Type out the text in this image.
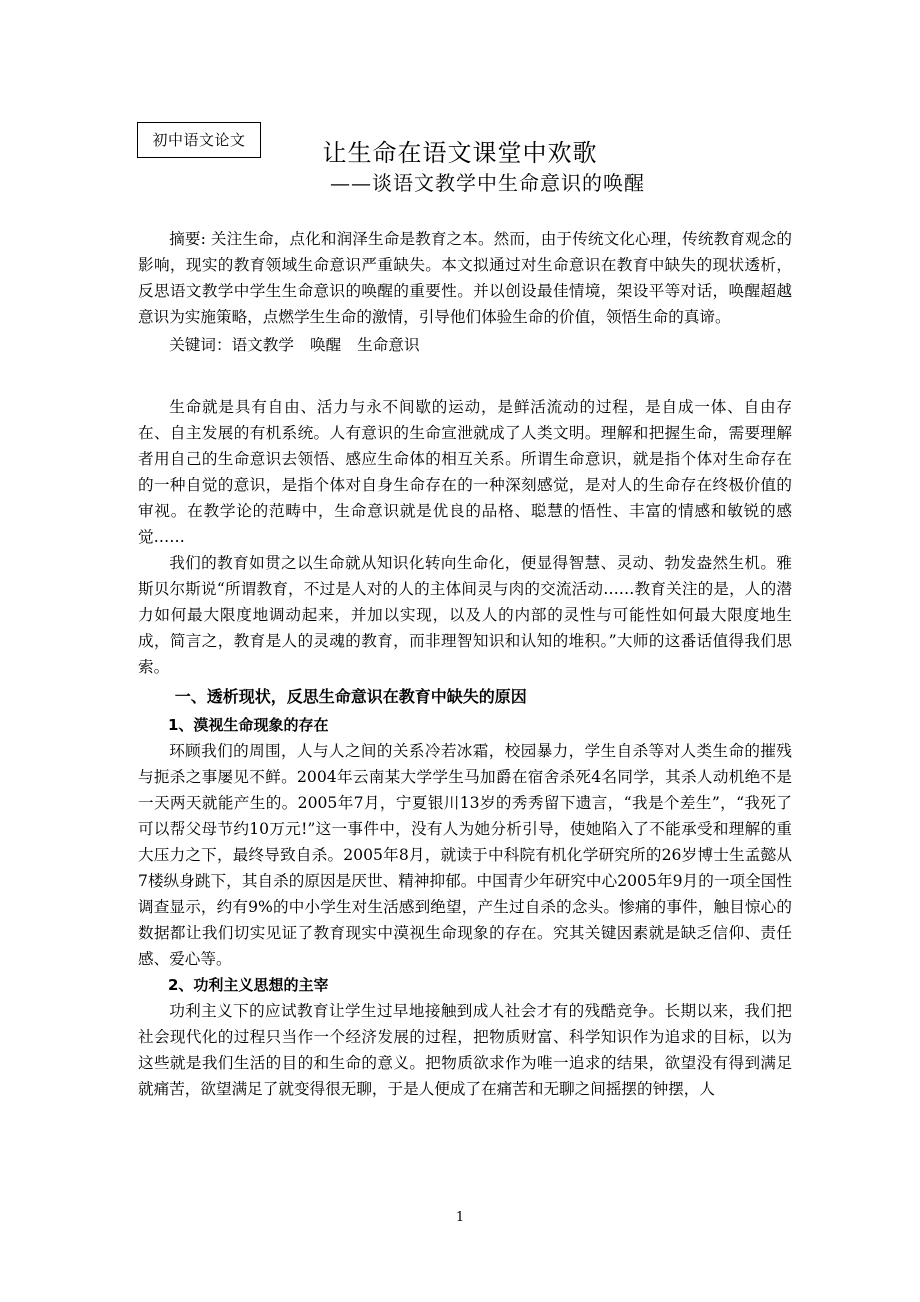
初中语文论文	让生命在语文课堂中欢歌
——谈语文教学中生命意识的唤醒

摘要: 关注生命，点化和润泽生命是教育之本。然而，由于传统文化心理，传统教育观念的影响，现实的教育领域生命意识严重缺失。本文拟通过对生命意识在教育中缺失的现状透析，反思语文教学中学生生命意识的唤醒的重要性。并以创设最佳情境，架设平等对话，唤醒超越意识为实施策略，点燃学生生命的激情，引导他们体验生命的价值，领悟生命的真谛。

关键词：语文教学 唤醒 生命意识

生命就是具有自由、活力与永不间歇的运动，是鲜活流动的过程，是自成一体、自由存在、自主发展的有机系统。人有意识的生命宣泄就成了人类文明。理解和把握生命，需要理解者用自己的生命意识去领悟、感应生命体的相互关系。所谓生命意识，就是指个体对生命存在的一种自觉的意识，是指个体对自身生命存在的一种深刻感觉，是对人的生命存在终极价值的审视。在教学论的范畴中，生命意识就是优良的品格、聪慧的悟性、丰富的情感和敏锐的感觉……

我们的教育如贯之以生命就从知识化转向生命化，便显得智慧、灵动、勃发盎然生机。雅斯贝尔斯说“所谓教育，不过是人对的人的主体间灵与肉的交流活动……教育关注的是，人的潜力如何最大限度地调动起来，并加以实现，以及人的内部的灵性与可能性如何最大限度地生成，简言之，教育是人的灵魂的教育，而非理智知识和认知的堆积。”大师的这番话值得我们思索。

一、透析现状，反思生命意识在教育中缺失的原因

1、漠视生命现象的存在

环顾我们的周围，人与人之间的关系冷若冰霜，校园暴力，学生自杀等对人类生命的摧残与扼杀之事屡见不鲜。2004年云南某大学学生马加爵在宿舍杀死4名同学，其杀人动机绝不是一天两天就能产生的。2005年7月，宁夏银川13岁的秀秀留下遗言，“我是个差生”，“我死了可以帮父母节约10万元!”这一事件中，没有人为她分析引导，使她陷入了不能承受和理解的重大压力之下，最终导致自杀。2005年8月，就读于中科院有机化学研究所的26岁博士生孟懿从7楼纵身跳下，其自杀的原因是厌世、精神抑郁。中国青少年研究中心2005年9月的一项全国性调查显示，约有9%的中小学生对生活感到绝望，产生过自杀的念头。惨痛的事件，触目惊心的数据都让我们切实见证了教育现实中漠视生命现象的存在。究其关键因素就是缺乏信仰、责任感、爱心等。

2、功利主义思想的主宰

功利主义下的应试教育让学生过早地接触到成人社会才有的残酷竞争。长期以来，我们把社会现代化的过程只当作一个经济发展的过程，把物质财富、科学知识作为追求的目标，以为这些就是我们生活的目的和生命的意义。把物质欲求作为唯一追求的结果，欲望没有得到满足就痛苦，欲望满足了就变得很无聊，于是人便成了在痛苦和无聊之间摇摆的钟摆，人

1
